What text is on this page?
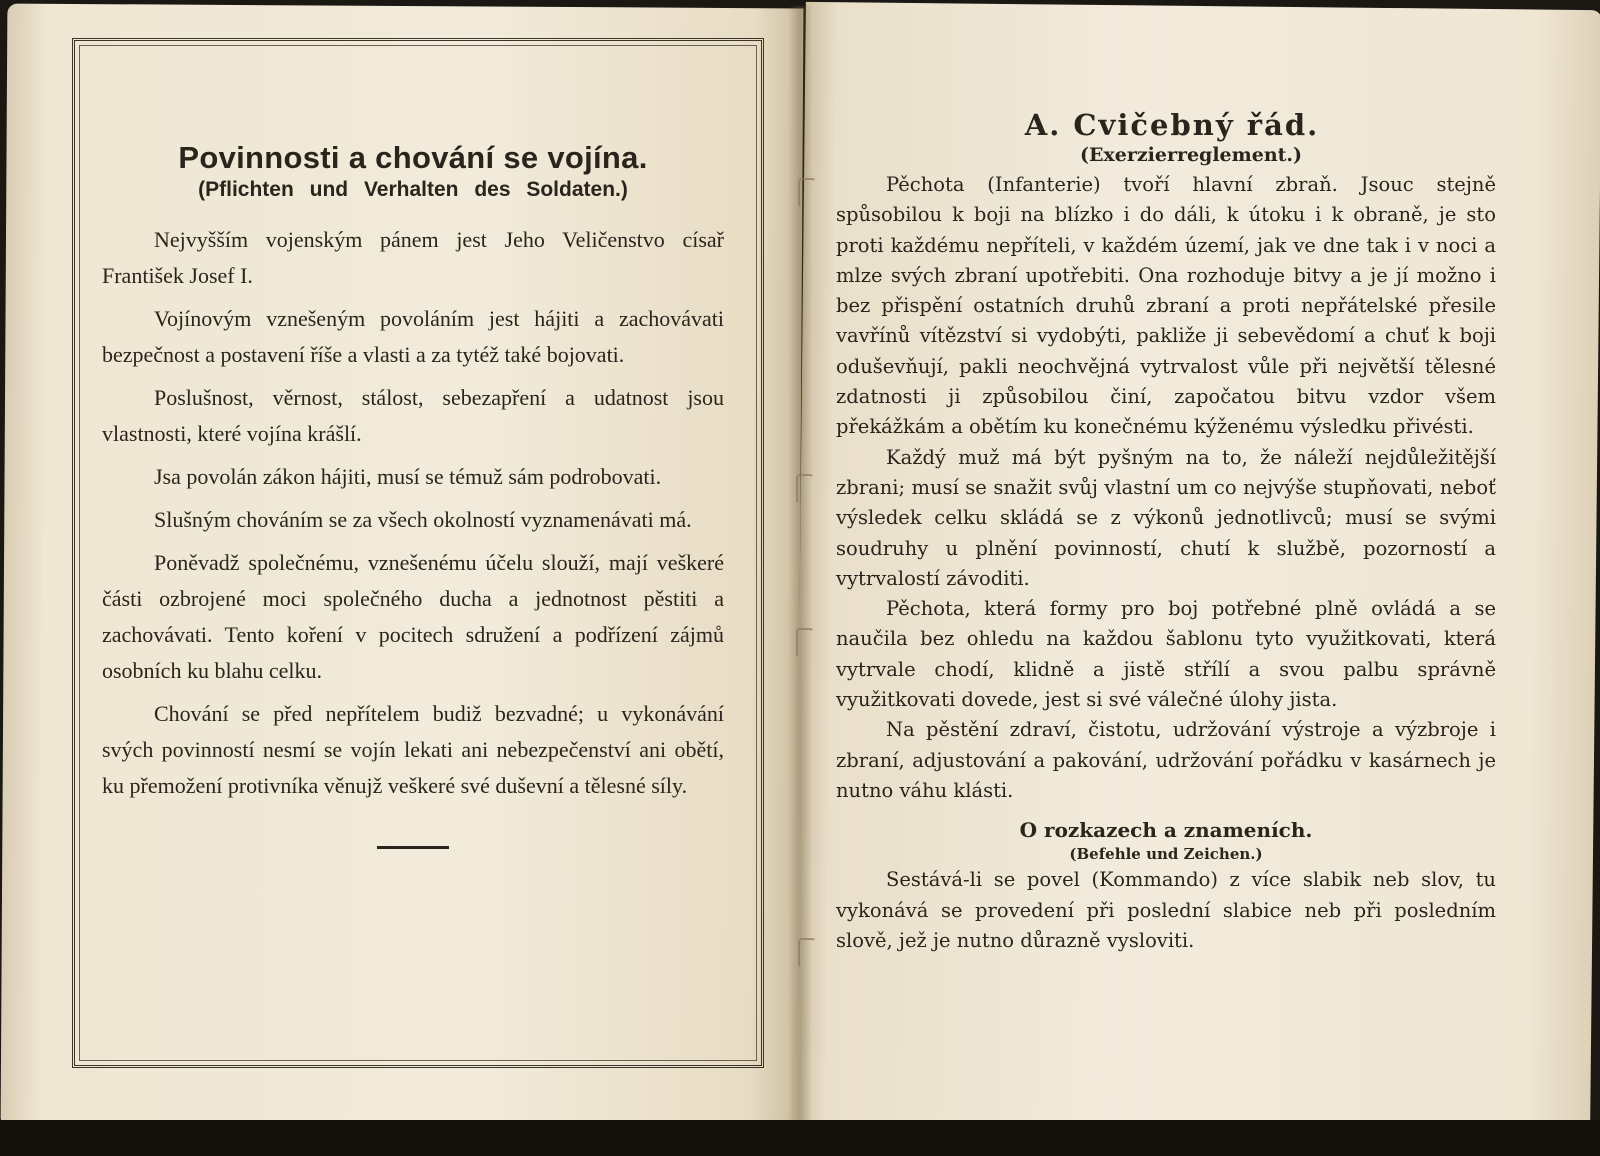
Povinnosti a chování se vojína.
(Pflichten und Verhalten des Soldaten.)

Nejvyšším vojenským pánem jest Jeho Veličenstvo císař František Josef I.

Vojínovým vznešeným povoláním jest hájiti a zachovávati bezpečnost a postavení říše a vlasti a za tytéž také bojovati.

Poslušnost, věrnost, stálost, sebezapření a udatnost jsou vlastnosti, které vojína krášlí.

Jsa povolán zákon hájiti, musí se témuž sám podrobovati.

Slušným chováním se za všech okolností vyznamenávati má.

Poněvadž společnému, vznešenému účelu slouží, mají veškeré části ozbrojené moci společného ducha a jednotnost pěstiti a zachovávati. Tento koření v pocitech sdružení a podřízení zájmů osobních ku blahu celku.

Chování se před nepřítelem budiž bezvadné; u vykonávání svých povinností nesmí se vojín lekati ani nebezpečenství ani obětí, ku přemožení protivníka věnujž veškeré své duševní a tělesné síly.

A. Cvičebný řád.
(Exerzierreglement.)

Pěchota (Infanterie) tvoří hlavní zbraň. Jsouc stejně spůsobilou k boji na blízko i do dáli, k útoku i k obraně, je sto proti každému nepříteli, v každém území, jak ve dne tak i v noci a mlze svých zbraní upotřebiti. Ona rozhoduje bitvy a je jí možno i bez přispění ostatních druhů zbraní a proti nepřátelské přesile vavřínů vítězství si vydobýti, pakliže ji sebevědomí a chuť k boji oduševňují, pakli neochvějná vytrvalost vůle při největší tělesné zdatnosti ji způsobilou činí, započatou bitvu vzdor všem překážkám a obětím ku konečnému kýženému výsledku přivésti.

Každý muž má být pyšným na to, že náleží nejdůležitější zbrani; musí se snažit svůj vlastní um co nejvýše stupňovati, neboť výsledek celku skládá se z výkonů jednotlivců; musí se svými soudruhy u plnění povinností, chutí k službě, pozorností a vytrvalostí závoditi.

Pěchota, která formy pro boj potřebné plně ovládá a se naučila bez ohledu na každou šablonu tyto využitkovati, která vytrvale chodí, klidně a jistě střílí a svou palbu správně využitkovati dovede, jest si své válečné úlohy jista.

Na pěstění zdraví, čistotu, udržování výstroje a výzbroje i zbraní, adjustování a pakování, udržování pořádku v kasárnech je nutno váhu klásti.

O rozkazech a znameních.
(Befehle und Zeichen.)

Sestává-li se povel (Kommando) z více slabik neb slov, tu vykonává se provedení při poslední slabice neb při posledním slově, jež je nutno důrazně vysloviti.
